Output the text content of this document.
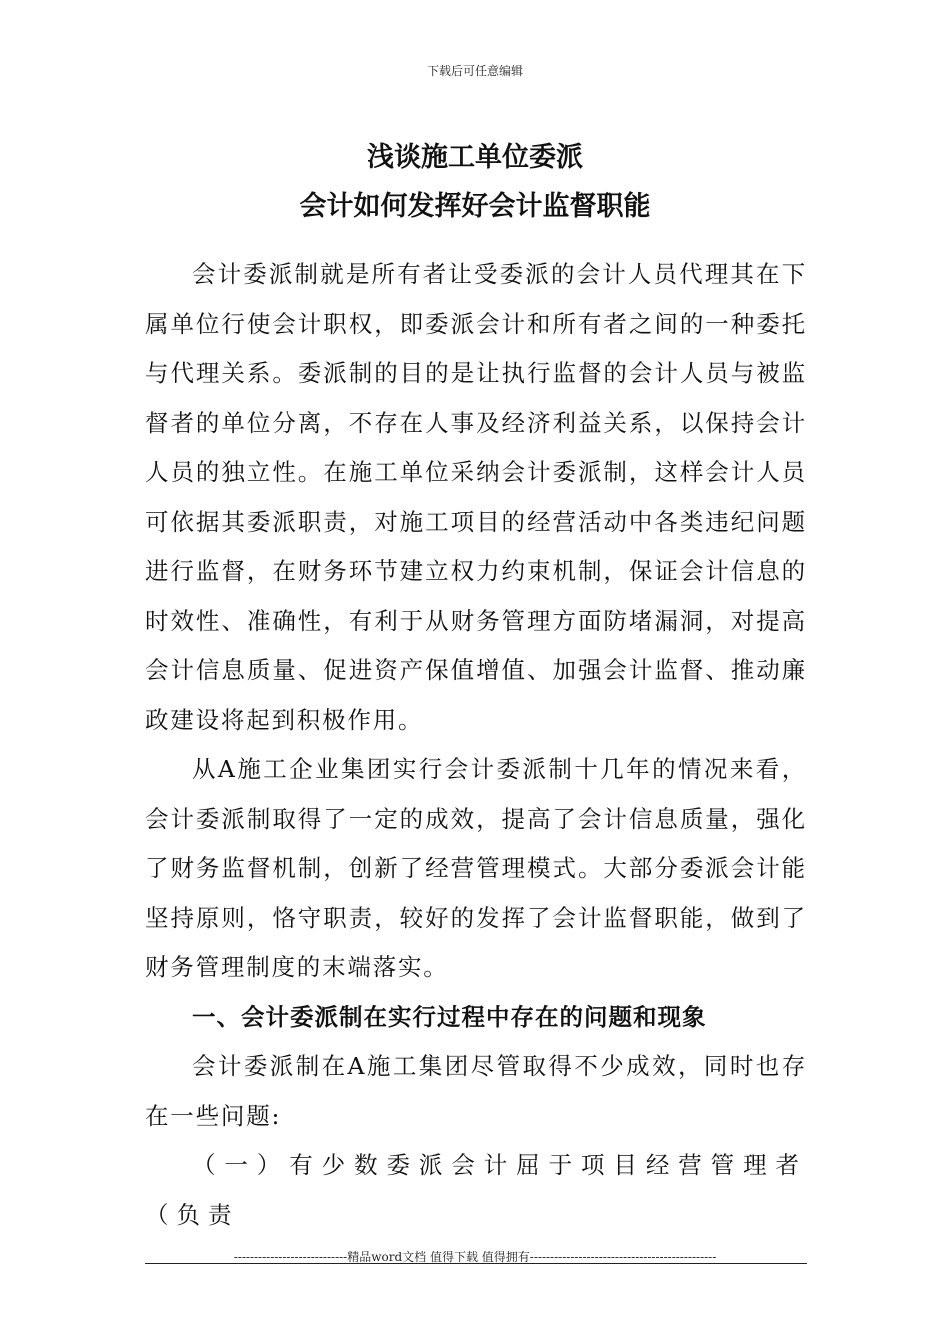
下载后可任意编辑
浅谈施工单位委派
会计如何发挥好会计监督职能

会计委派制就是所有者让受委派的会计人员代理其在下属单位行使会计职权，即委派会计和所有者之间的一种委托与代理关系。委派制的目的是让执行监督的会计人员与被监督者的单位分离，不存在人事及经济利益关系，以保持会计人员的独立性。在施工单位采纳会计委派制，这样会计人员可依据其委派职责，对施工项目的经营活动中各类违纪问题进行监督，在财务环节建立权力约束机制，保证会计信息的时效性、准确性，有利于从财务管理方面防堵漏洞，对提高会计信息质量、促进资产保值增值、加强会计监督、推动廉政建设将起到积极作用。

从A施工企业集团实行会计委派制十几年的情况来看，会计委派制取得了一定的成效，提高了会计信息质量，强化了财务监督机制，创新了经营管理模式。大部分委派会计能坚持原则，恪守职责，较好的发挥了会计监督职能，做到了财务管理制度的末端落实。

一、会计委派制在实行过程中存在的问题和现象

会计委派制在A施工集团尽管取得不少成效，同时也存在一些问题:

（一）有少数委派会计屈于项目经营管理者（负责

----------------------------精品word文档 值得下载 值得拥有----------------------------------------------
